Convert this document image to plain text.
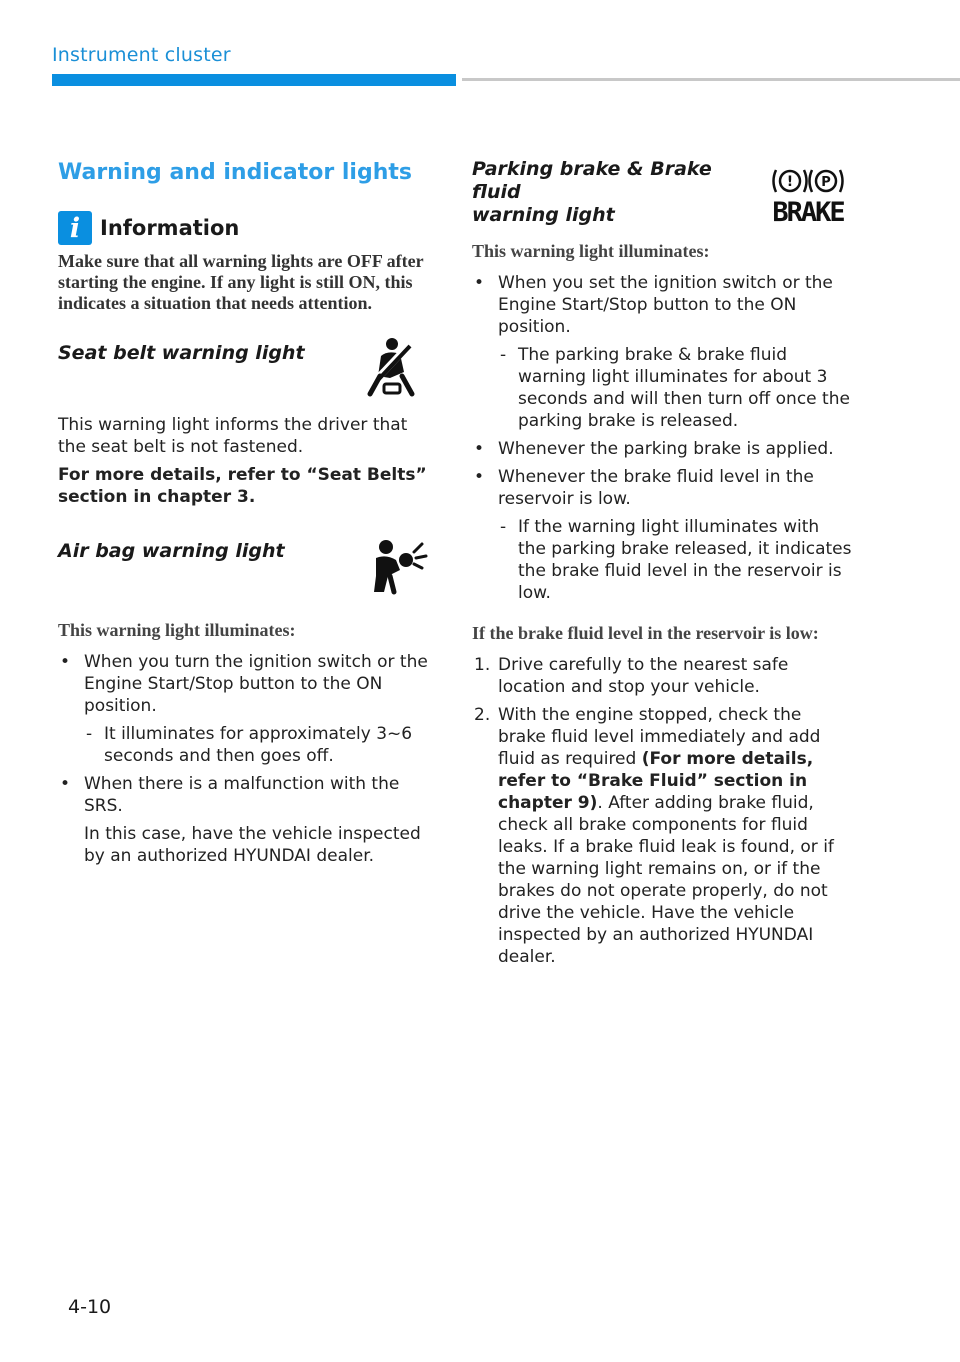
Instrument cluster
Warning and indicator lights
i Information

Make sure that all warning lights are OFF after starting the engine. If any light is still ON, this indicates a situation that needs attention.

Seat belt warning light

This warning light informs the driver that the seat belt is not fastened.

For more details, refer to “Seat Belts” section in chapter 3.

Air bag warning light

This warning light illuminates:

• When you turn the ignition switch or the Engine Start/Stop button to the ON position.

- It illuminates for approximately 3~6 seconds and then goes off.

• When there is a malfunction with the SRS.

In this case, have the vehicle inspected by an authorized HYUNDAI dealer.

Parking brake & Brake fluid
warning light
! P
BRAKE

This warning light illuminates:

• When you set the ignition switch or the Engine Start/Stop button to the ON position.

- The parking brake & brake fluid warning light illuminates for about 3 seconds and will then turn off once the parking brake is released.

• Whenever the parking brake is applied.

• Whenever the brake fluid level in the reservoir is low.

- If the warning light illuminates with the parking brake released, it indicates the brake fluid level in the reservoir is low.

If the brake fluid level in the reservoir is low:

1. Drive carefully to the nearest safe location and stop your vehicle.
2. With the engine stopped, check the brake fluid level immediately and add fluid as required (For more details, refer to “Brake Fluid” section in chapter 9). After adding brake fluid, check all brake components for fluid leaks. If a brake fluid leak is found, or if the warning light remains on, or if the brakes do not operate properly, do not drive the vehicle. Have the vehicle inspected by an authorized HYUNDAI dealer.
4-10
